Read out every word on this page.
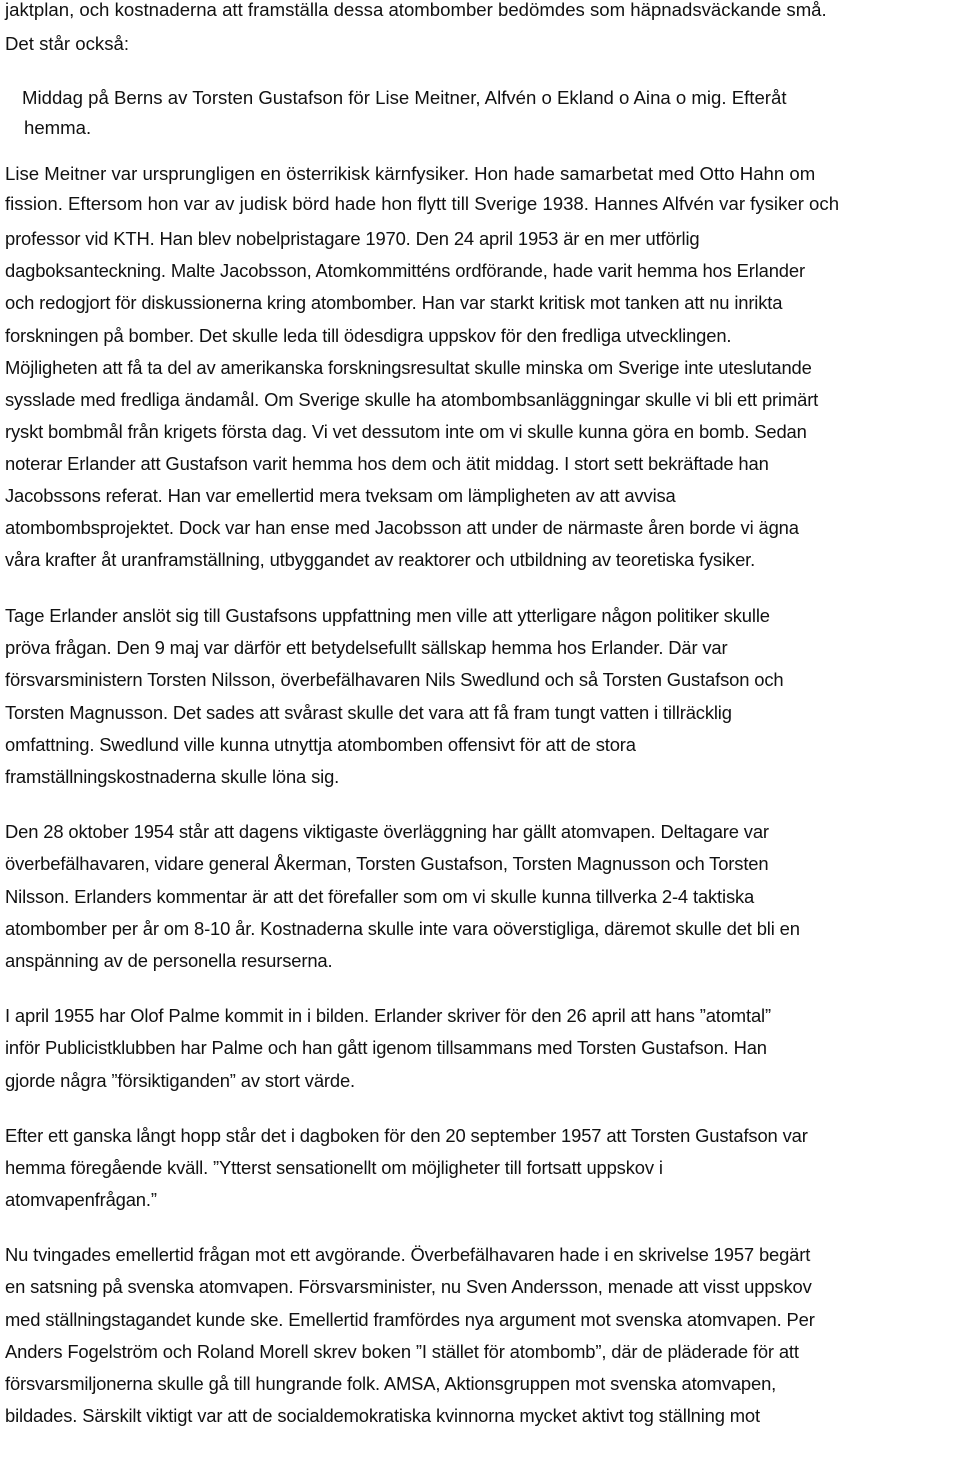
jaktplan, och kostnaderna att framställa dessa atombomber bedömdes som häpnadsväckande små.
Det står också:
Middag på Berns av Torsten Gustafson för Lise Meitner, Alfvén o Ekland o Aina o mig. Efteråt
hemma.
Lise Meitner var ursprungligen en österrikisk kärnfysiker. Hon hade samarbetat med Otto Hahn om
fission. Eftersom hon var av judisk börd hade hon flytt till Sverige 1938. Hannes Alfvén var fysiker och
professor vid KTH. Han blev nobelpristagare 1970. Den 24 april 1953 är en mer utförlig
dagboksanteckning. Malte Jacobsson, Atomkommitténs ordförande, hade varit hemma hos Erlander
och redogjort för diskussionerna kring atombomber. Han var starkt kritisk mot tanken att nu inrikta
forskningen på bomber. Det skulle leda till ödesdigra uppskov för den fredliga utvecklingen.
Möjligheten att få ta del av amerikanska forskningsresultat skulle minska om Sverige inte uteslutande
sysslade med fredliga ändamål. Om Sverige skulle ha atombombsanläggningar skulle vi bli ett primärt
ryskt bombmål från krigets första dag. Vi vet dessutom inte om vi skulle kunna göra en bomb. Sedan
noterar Erlander att Gustafson varit hemma hos dem och ätit middag. I stort sett bekräftade han
Jacobssons referat. Han var emellertid mera tveksam om lämpligheten av att avvisa
atombombsprojektet. Dock var han ense med Jacobsson att under de närmaste åren borde vi ägna
våra krafter åt uranframställning, utbyggandet av reaktorer och utbildning av teoretiska fysiker.
Tage Erlander anslöt sig till Gustafsons uppfattning men ville att ytterligare någon politiker skulle
pröva frågan. Den 9 maj var därför ett betydelsefullt sällskap hemma hos Erlander. Där var
försvarsministern Torsten Nilsson, överbefälhavaren Nils Swedlund och så Torsten Gustafson och
Torsten Magnusson. Det sades att svårast skulle det vara att få fram tungt vatten i tillräcklig
omfattning. Swedlund ville kunna utnyttja atombomben offensivt för att de stora
framställningskostnaderna skulle löna sig.
Den 28 oktober 1954 står att dagens viktigaste överläggning har gällt atomvapen. Deltagare var
överbefälhavaren, vidare general Åkerman, Torsten Gustafson, Torsten Magnusson och Torsten
Nilsson. Erlanders kommentar är att det förefaller som om vi skulle kunna tillverka 2-4 taktiska
atombomber per år om 8-10 år. Kostnaderna skulle inte vara oöverstigliga, däremot skulle det bli en
anspänning av de personella resurserna.
I april 1955 har Olof Palme kommit in i bilden. Erlander skriver för den 26 april att hans ”atomtal”
inför Publicistklubben har Palme och han gått igenom tillsammans med Torsten Gustafson. Han
gjorde några ”försiktiganden” av stort värde.
Efter ett ganska långt hopp står det i dagboken för den 20 september 1957 att Torsten Gustafson var
hemma föregående kväll. ”Ytterst sensationellt om möjligheter till fortsatt uppskov i
atomvapenfrågan.”
Nu tvingades emellertid frågan mot ett avgörande. Överbefälhavaren hade i en skrivelse 1957 begärt
en satsning på svenska atomvapen. Försvarsminister, nu Sven Andersson, menade att visst uppskov
med ställningstagandet kunde ske. Emellertid framfördes nya argument mot svenska atomvapen. Per
Anders Fogelström och Roland Morell skrev boken ”I stället för atombomb”, där de pläderade för att
försvarsmiljonerna skulle gå till hungrande folk. AMSA, Aktionsgruppen mot svenska atomvapen,
bildades. Särskilt viktigt var att de socialdemokratiska kvinnorna mycket aktivt tog ställning mot
